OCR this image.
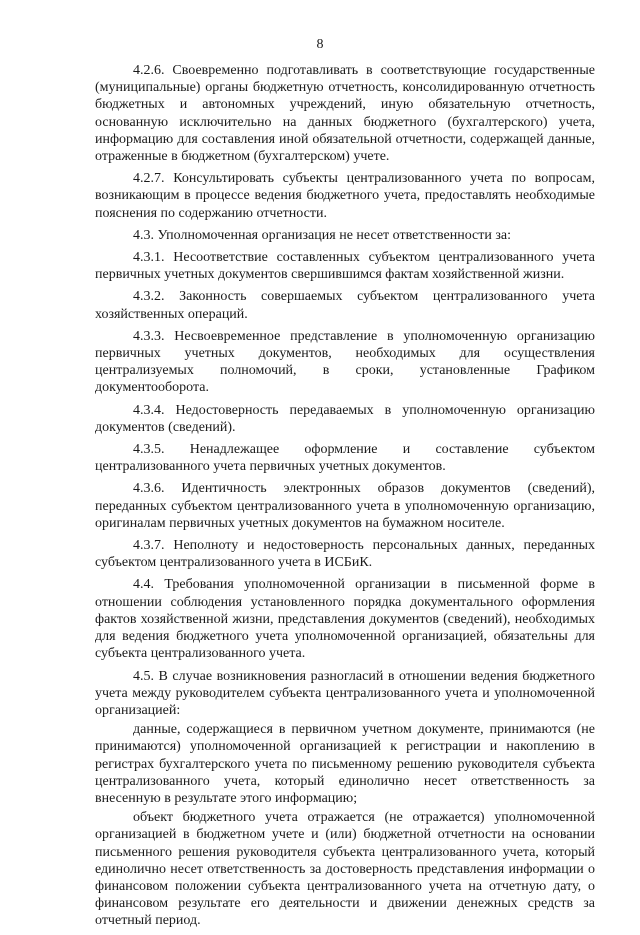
8

4.2.6. Своевременно подготавливать в соответствующие государственные (муниципальные) органы бюджетную отчетность, консолидированную отчетность бюджетных и автономных учреждений, иную обязательную отчетность, основанную исключительно на данных бюджетного (бухгалтерского) учета, информацию для составления иной обязательной отчетности, содержащей данные, отраженные в бюджетном (бухгалтерском) учете.

4.2.7. Консультировать субъекты централизованного учета по вопросам, возникающим в процессе ведения бюджетного учета, предоставлять необходимые пояснения по содержанию отчетности.

4.3. Уполномоченная организация не несет ответственности за:

4.3.1. Несоответствие составленных субъектом централизованного учета первичных учетных документов свершившимся фактам хозяйственной жизни.

4.3.2. Законность совершаемых субъектом централизованного учета хозяйственных операций.

4.3.3. Несвоевременное представление в уполномоченную организацию первичных учетных документов, необходимых для осуществления централизуемых полномочий, в сроки, установленные Графиком документооборота.

4.3.4. Недостоверность передаваемых в уполномоченную организацию документов (сведений).

4.3.5. Ненадлежащее оформление и составление субъектом централизованного учета первичных учетных документов.

4.3.6. Идентичность электронных образов документов (сведений), переданных субъектом централизованного учета в уполномоченную организацию, оригиналам первичных учетных документов на бумажном носителе.

4.3.7. Неполноту и недостоверность персональных данных, переданных субъектом централизованного учета в ИСБиК.

4.4. Требования уполномоченной организации в письменной форме в отношении соблюдения установленного порядка документального оформления фактов хозяйственной жизни, представления документов (сведений), необходимых для ведения бюджетного учета уполномоченной организацией, обязательны для субъекта централизованного учета.

4.5. В случае возникновения разногласий в отношении ведения бюджетного учета между руководителем субъекта централизованного учета и уполномоченной организацией:

данные, содержащиеся в первичном учетном документе, принимаются (не принимаются) уполномоченной организацией к регистрации и накоплению в регистрах бухгалтерского учета по письменному решению руководителя субъекта централизованного учета, который единолично несет ответственность за внесенную в результате этого информацию;

объект бюджетного учета отражается (не отражается) уполномоченной организацией в бюджетном учете и (или) бюджетной отчетности на основании письменного решения руководителя субъекта централизованного учета, который единолично несет ответственность за достоверность представления информации о финансовом положении субъекта централизованного учета на отчетную дату, о финансовом результате его деятельности и движении денежных средств за отчетный период.
